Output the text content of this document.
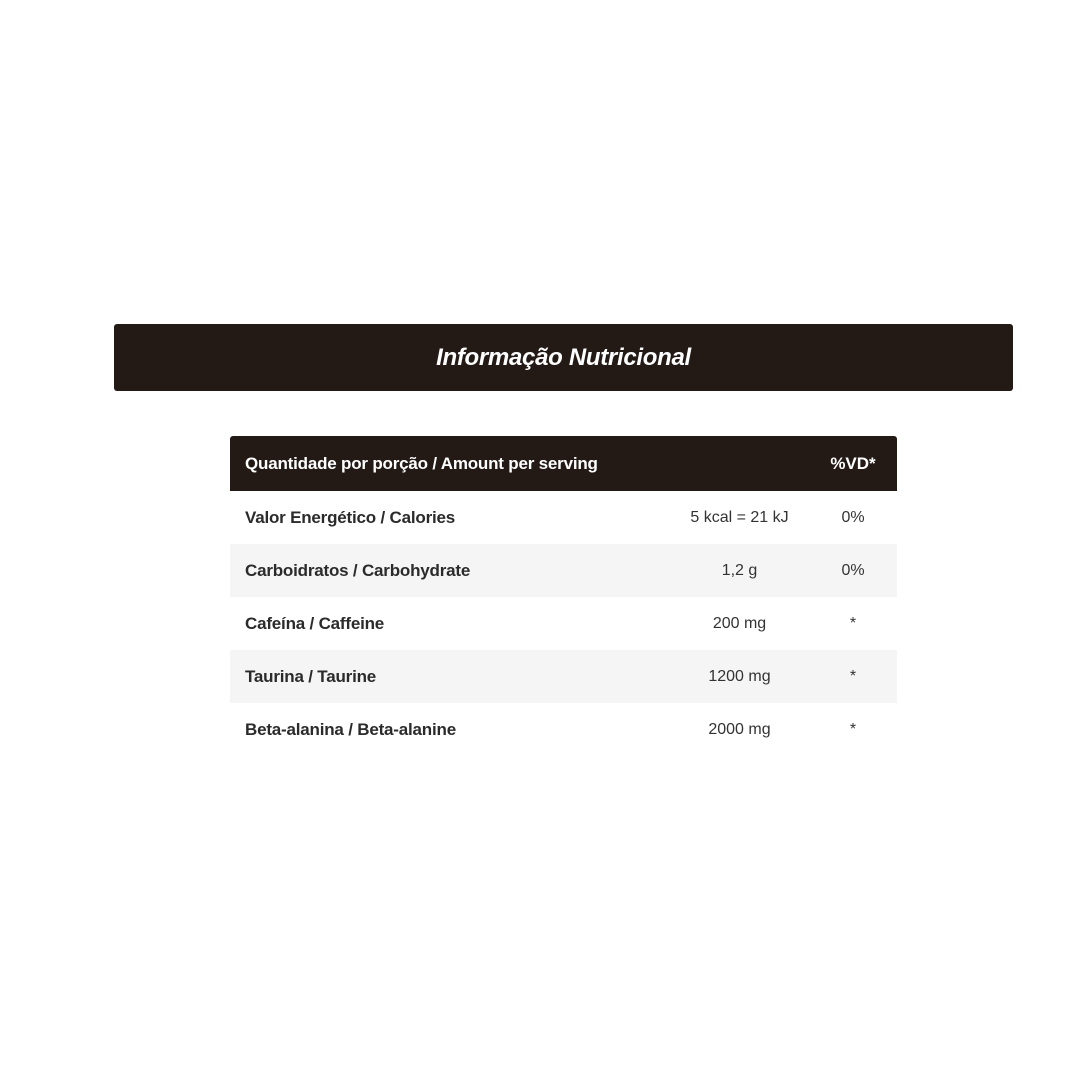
Informação Nutricional
Quantidade por porção / Amount per serving	%VD*
Valor Energético / Calories	5 kcal = 21 kJ	0%
Carboidratos / Carbohydrate	1,2 g	0%
Cafeína / Caffeine	200 mg	*
Taurina / Taurine	1200 mg	*
Beta-alanina / Beta-alanine	2000 mg	*
